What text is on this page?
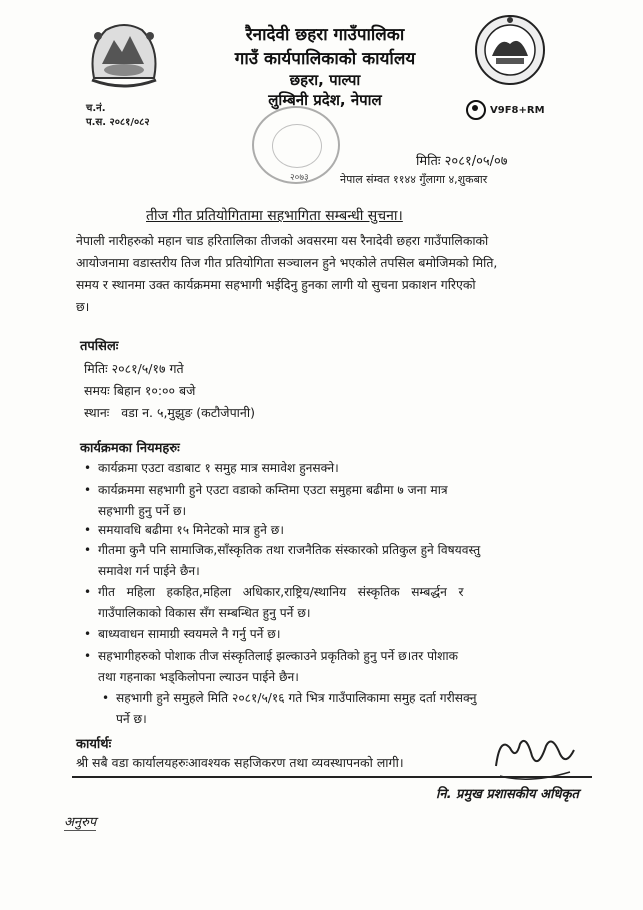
रैनादेवी छहरा गाउँपालिका
गाउँ कार्यपालिकाको कार्यालय
छहरा, पाल्पा
लुम्बिनी प्रदेश, नेपाल
च.नं.
प.स. २०८१/०८२
V9F8+RM
२०७३
मितिः २०८१/०५/०७
नेपाल संम्वत ११४४ गुँलागा ४,शुकबार
तीज गीत प्रतियोगितामा सहभागिता सम्बन्धी सुचना।
नेपाली नारीहरुको महान चाड हरितालिका तीजको अवसरमा यस रैनादेवी छहरा गाउँपालिकाको
आयोजनामा वडास्तरीय तिज गीत प्रतियोगिता सञ्चालन हुने भएकोले तपसिल बमोजिमको मिति,
समय र स्थानमा उक्त कार्यक्रममा सहभागी भईदिनु हुनका लागी यो सुचना प्रकाशन गरिएको
छ।
तपसिलः
मितिः २०८१/५/१७ गते
समयः बिहान १०:०० बजे
स्थानः   वडा न. ५,मुझुङ (कटौजेपानी)
कार्यक्रमका नियमहरुः
• कार्यक्रमा एउटा वडाबाट १ समुह मात्र समावेश हुनसक्ने।
• कार्यक्रममा सहभागी हुने एउटा वडाको कम्तिमा एउटा समुहमा बढीमा ७ जना मात्र
सहभागी हुनु पर्ने छ।
• समयावधि बढीमा १५ मिनेटको मात्र हुने छ।
• गीतमा कुनै पनि सामाजिक,साँस्कृतिक तथा राजनैतिक संस्कारको प्रतिकुल हुने विषयवस्तु
समावेश गर्न पाईने छैन।
• गीत   महिला   हकहित,महिला   अधिकार,राष्ट्रिय/स्थानिय   संस्कृतिक   सम्बर्द्धन   र
गाउँपालिकाको विकास सँग सम्बन्धित हुनु पर्ने छ।
• बाध्यवाधन सामाग्री स्वयमले नै गर्नु पर्ने छ।
• सहभागीहरुको पोशाक तीज संस्कृतिलाई झल्काउने प्रकृतिको हुनु पर्ने छ।तर पोशाक
तथा गहनाका भड्किलोपना ल्याउन पाईने छैन।
• सहभागी हुने समुहले मिति २०८१/५/१६ गते भित्र गाउँपालिकामा समुह दर्ता गरीसक्नु
पर्ने छ।
कार्यार्थः
श्री सबै वडा कार्यालयहरुःआवश्यक सहजिकरण तथा व्यवस्थापनको लागी।
नि. प्रमुख प्रशासकीय अधिकृत
अनुरुप
